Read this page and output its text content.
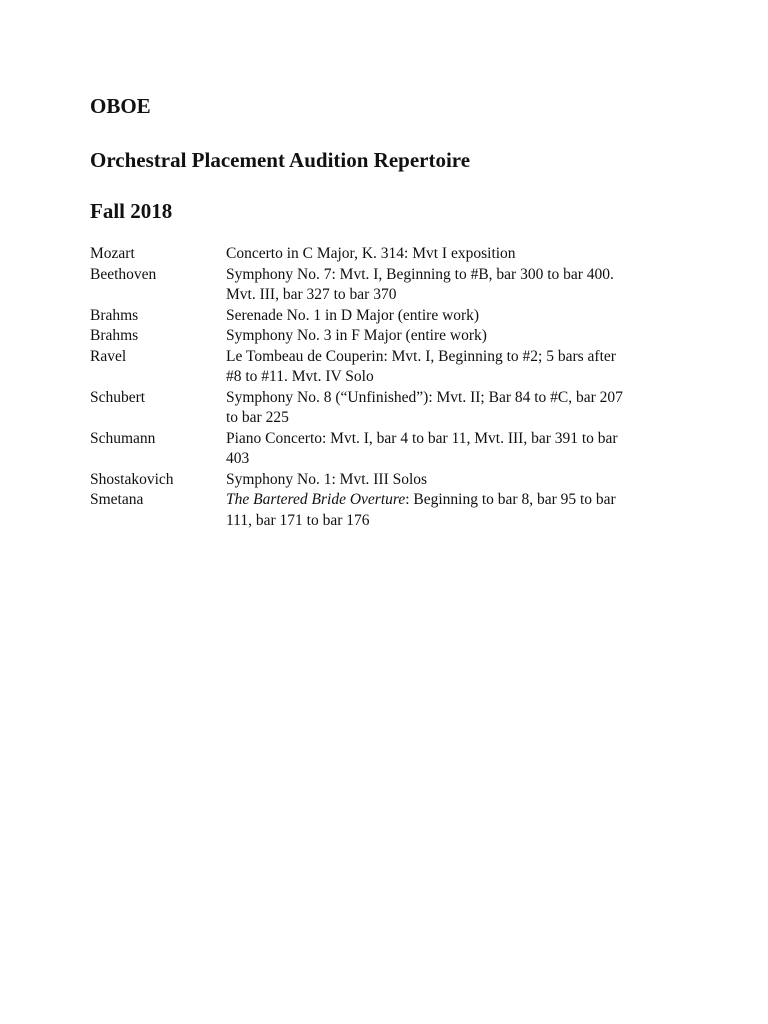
OBOE
Orchestral Placement Audition Repertoire
Fall 2018
Mozart	Concerto in C Major, K. 314: Mvt I exposition
Beethoven	Symphony No. 7: Mvt. I, Beginning to #B, bar 300 to bar 400. Mvt. III, bar 327 to bar 370
Brahms	Serenade No. 1 in D Major (entire work)
Brahms	Symphony No. 3 in F Major (entire work)
Ravel	Le Tombeau de Couperin: Mvt. I, Beginning to #2; 5 bars after #8 to #11. Mvt. IV Solo
Schubert	Symphony No. 8 (“Unfinished”): Mvt. II; Bar 84 to #C, bar 207 to bar 225
Schumann	Piano Concerto: Mvt. I, bar 4 to bar 11, Mvt. III, bar 391 to bar 403
Shostakovich	Symphony No. 1: Mvt. III Solos
Smetana	The Bartered Bride Overture: Beginning to bar 8, bar 95 to bar 111, bar 171 to bar 176
